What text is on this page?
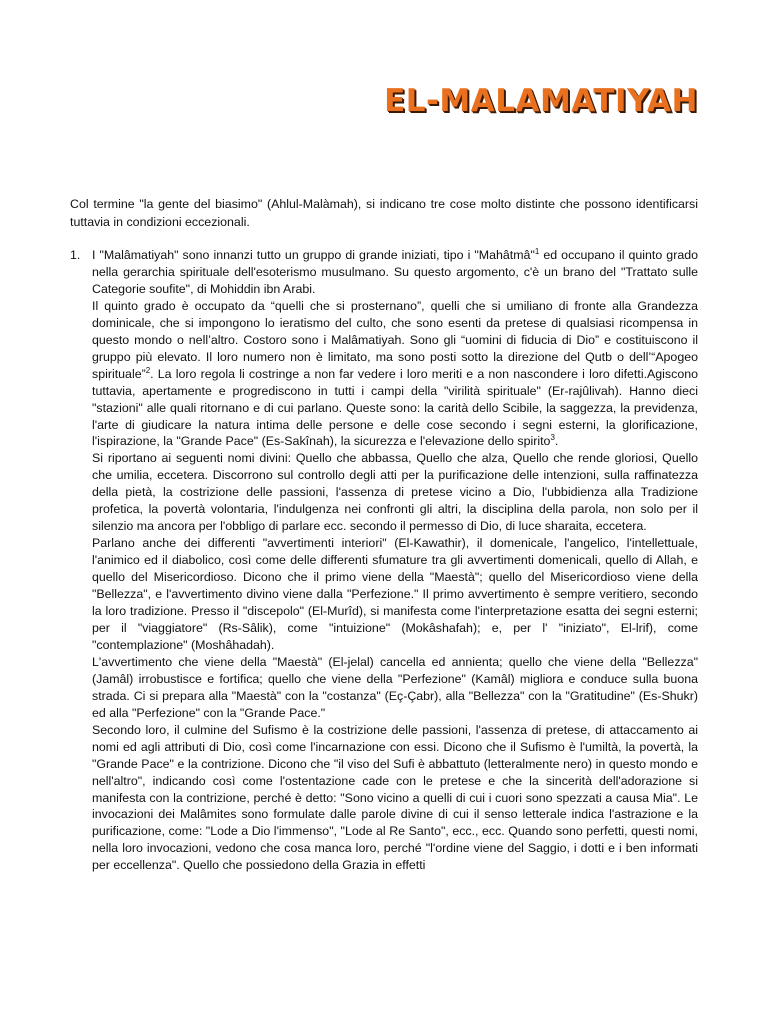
EL-MALAMATIYAH

Col termine "la gente del biasimo" (Ahlul-Malàmah), si indicano tre cose molto distinte che possono identificarsi tuttavia in condizioni eccezionali.

1. I "Malâmatiyah" sono innanzi tutto un gruppo di grande iniziati, tipo i "Mahâtmâ"$^1$ ed occupano il quinto grado nella gerarchia spirituale dell'esoterismo musulmano. Su questo argomento, c'è un brano del "Trattato sulle Categorie soufite", di Mohiddin ibn Arabi.

Il quinto grado è occupato da “quelli che si prosternano”, quelli che si umiliano di fronte alla Grandezza dominicale, che si impongono lo ieratismo del culto, che sono esenti da pretese di qualsiasi ricompensa in questo mondo o nell’altro. Costoro sono i Malâmatiyah. Sono gli “uomini di fiducia di Dio” e costituiscono il gruppo più elevato. Il loro numero non è limitato, ma sono posti sotto la direzione del Qutb o dell’“Apogeo spirituale”$^2$. La loro regola li costringe a non far vedere i loro meriti e a non nascondere i loro difetti.Agiscono tuttavia, apertamente e progrediscono in tutti i campi della "virilità spirituale" (Er-rajûlivah). Hanno dieci "stazioni" alle quali ritornano e di cui parlano. Queste sono: la carità dello Scibile, la saggezza, la previdenza, l'arte di giudicare la natura intima delle persone e delle cose secondo i segni esterni, la glorificazione, l'ispirazione, la "Grande Pace" (Es-Sakînah), la sicurezza e l'elevazione dello spirito$^3$.

Si riportano ai seguenti nomi divini: Quello che abbassa, Quello che alza, Quello che rende gloriosi, Quello che umilia, eccetera. Discorrono sul controllo degli atti per la purificazione delle intenzioni, sulla raffinatezza della pietà, la costrizione delle passioni, l'assenza di pretese vicino a Dio, l'ubbidienza alla Tradizione profetica, la povertà volontaria, l'indulgenza nei confronti gli altri, la disciplina della parola, non solo per il silenzio ma ancora per l'obbligo di parlare ecc. secondo il permesso di Dio, di luce sharaita, eccetera.

Parlano anche dei differenti "avvertimenti interiori" (El-Kawathir), il domenicale, l'angelico, l'intellettuale, l'animico ed il diabolico, così come delle differenti sfumature tra gli avvertimenti domenicali, quello di Allah, e quello del Misericordioso. Dicono che il primo viene della "Maestà"; quello del Misericordioso viene della "Bellezza", e l'avvertimento divino viene dalla "Perfezione." Il primo avvertimento è sempre veritiero, secondo la loro tradizione. Presso il "discepolo" (El-Murîd), si manifesta come l'interpretazione esatta dei segni esterni; per il "viaggiatore" (Rs-Sâlik), come "intuizione" (Mokâshafah); e, per l' "iniziato", El-lrif), come "contemplazione" (Moshâhadah).

L'avvertimento che viene della "Maestà" (El-jelal) cancella ed annienta; quello che viene della "Bellezza" (Jamâl) irrobustisce e fortifica; quello che viene della "Perfezione" (Kamâl) migliora e conduce sulla buona strada. Ci si prepara alla "Maestà" con la "costanza" (Eç-Çabr), alla "Bellezza" con la "Gratitudine" (Es-Shukr) ed alla "Perfezione" con la "Grande Pace."

Secondo loro, il culmine del Sufismo è la costrizione delle passioni, l'assenza di pretese, di attaccamento ai nomi ed agli attributi di Dio, così come l'incarnazione con essi. Dicono che il Sufismo è l'umiltà, la povertà, la "Grande Pace" e la contrizione. Dicono che "il viso del Sufi è abbattuto (letteralmente nero) in questo mondo e nell'altro", indicando così come l'ostentazione cade con le pretese e che la sincerità dell'adorazione si manifesta con la contrizione, perché è detto: "Sono vicino a quelli di cui i cuori sono spezzati a causa Mia". Le invocazioni dei Malâmites sono formulate dalle parole divine di cui il senso letterale indica l'astrazione e la purificazione, come: "Lode a Dio l'immenso", "Lode al Re Santo", ecc., ecc. Quando sono perfetti, questi nomi, nella loro invocazioni, vedono che cosa manca loro, perché "l'ordine viene del Saggio, i dotti e i ben informati per eccellenza". Quello che possiedono della Grazia in effetti
